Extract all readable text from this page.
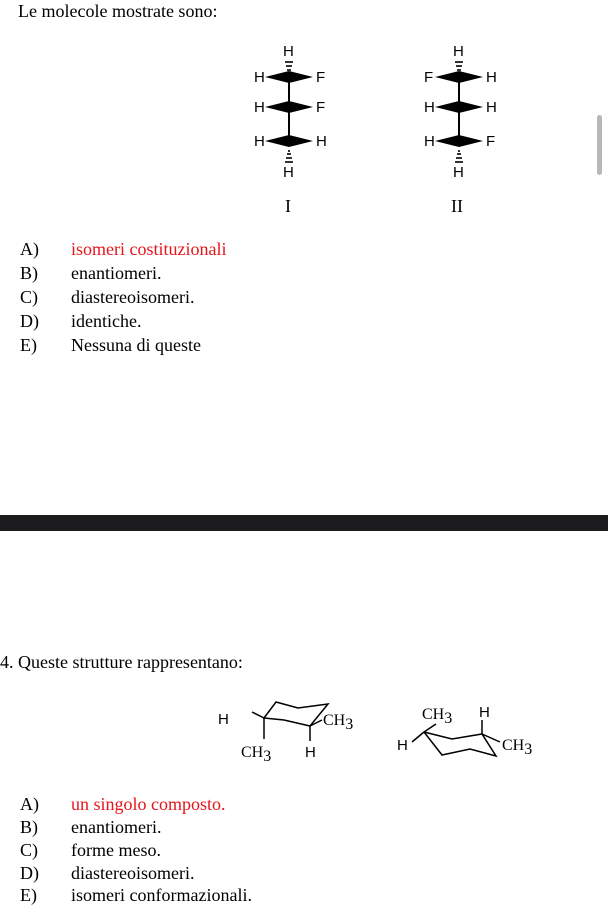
Le molecole mostrate sono:
H
H	F
H	F
H	H
H
I
H
F	H
H	H
H	F
H
II
A) isomeri costituzionali
B) enantiomeri.
C) diastereoisomeri.
D) identiche.
E) Nessuna di queste
4. Queste strutture rappresentano:
H
CH3
CH3
H
CH3
H
H
CH3
A) un singolo composto.
B) enantiomeri.
C) forme meso.
D) diastereoisomeri.
E) isomeri conformazionali.
